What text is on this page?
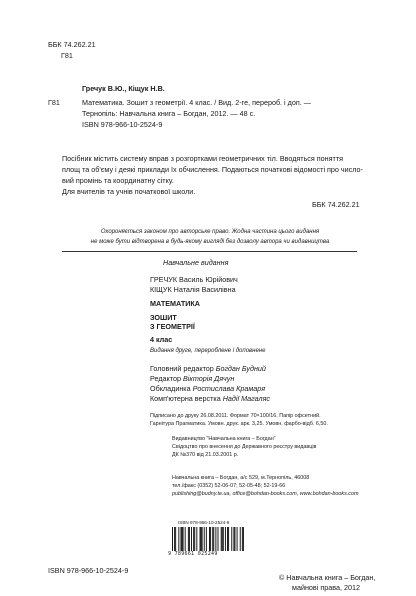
ББК 74.262.21
Г81
Гречук В.Ю., Кіщук Н.В.
Г81	Математика. Зошит з геометрії. 4 клас. / Вид. 2-ге, перероб. і доп. —
Тернопіль: Навчальна книга – Богдан, 2012. — 48 с.
ISBN 978-966-10-2524-9
Посібник містить систему вправ з розгортками геометричних тіл. Вводяться поняття
площ та об'єму і деякі приклади їх обчислення. Подаються початкові відомості про число-
вий промінь та координатну сітку.
Для вчителів та учнів початкової школи.
ББК 74.262.21
Охороняється законом про авторське право. Жодна частина цього видання
не може бути відтворена в будь-якому вигляді без дозволу автора чи видавництва
Навчальне видання
ГРЕЧУК Василь Юрійович
КІЩУК Наталія Василівна
МАТЕМАТИКА
ЗОШИТ
З ГЕОМЕТРІЇ
4 клас
Видання друге, перероблене і доповнене
Головний редактор Богдан Будний
Редактор Вікторія Дячун
Обкладинка Ростислава Крамаря
Комп'ютерна верстка Надії Магаляс
Підписано до друку 26.08.2011. Формат 70×100/16. Папір офсетний.
Гарнітура Прагматика. Умовн. друк. арк. 3,25. Умовн. фарбо-відб. 6,50.
Видавництво "Навчальна книга – Богдан"
Свідоцтво про внесення до Державного реєстру видавців
ДК №370 від 21.03.2001 р.
Навчальна книга – Богдан, а/с 529, м.Тернопіль, 46008
тел./факс (0352) 52-06-07; 52-05-48; 52-19-66
publishing@budny.te.ua, office@bohdan-books.com, www.bohdan-books.com
ISBN 978-966-10-2524-9
9 789661 025249
ISBN 978-966-10-2524-9
© Навчальна книга – Богдан,
майнові права, 2012
